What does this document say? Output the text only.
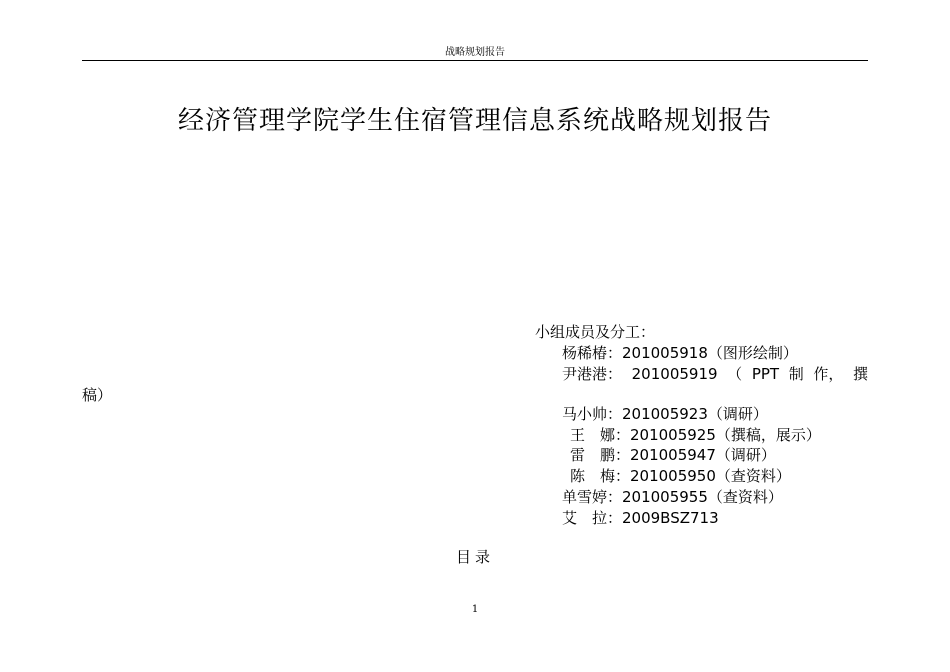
战略规划报告
经济管理学院学生住宿管理信息系统战略规划报告
小组成员及分工：
杨稀椿：201005918（图形绘制）
尹港港： 201005919 （ PPT 制 作， 撰
稿）
马小帅：201005923（调研）
王　娜：201005925（撰稿，展示）
雷　鹏：201005947（调研）
陈　梅：201005950（查资料）
单雪婷：201005955（查资料）
艾　拉：2009BSZ713
目录
1
